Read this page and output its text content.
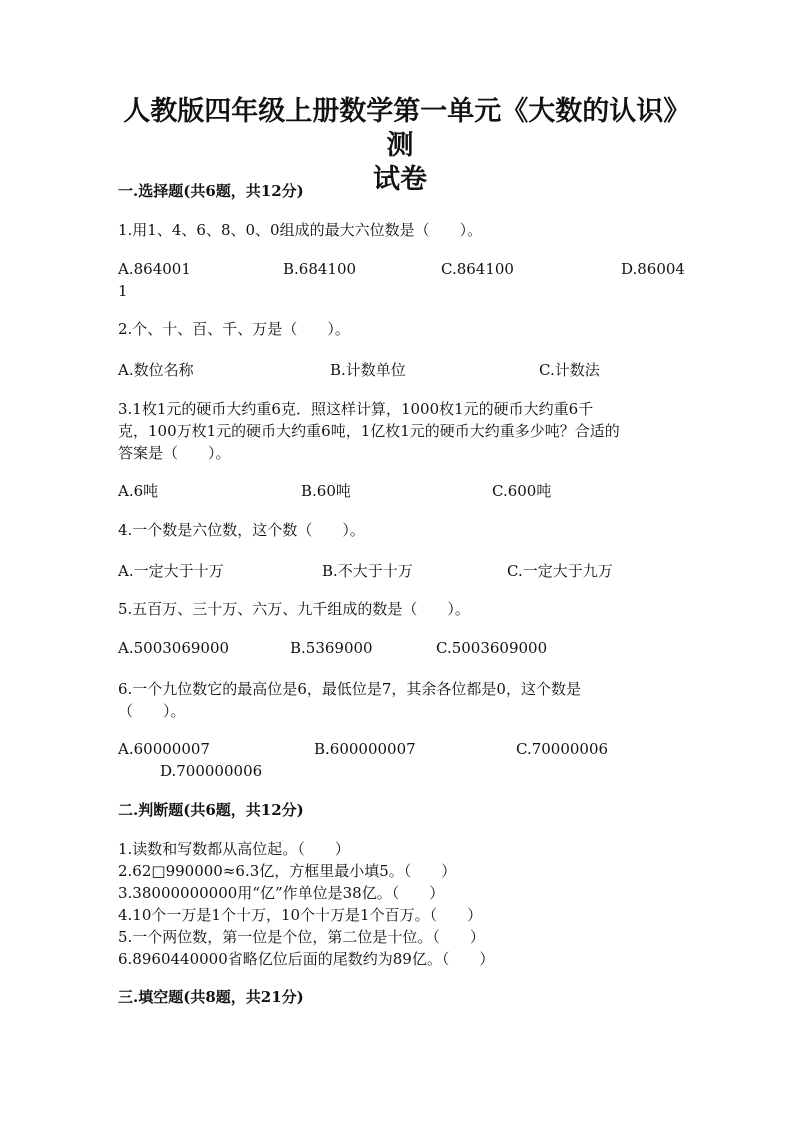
人教版四年级上册数学第一单元《大数的认识》测
试卷
一.选择题(共6题，共12分)
1.用1、4、6、8、0、0组成的最大六位数是（　　）。
A.864001	B.684100	C.864100	D.86004
1
2.个、十、百、千、万是（　　）。
A.数位名称	B.计数单位	C.计数法
3.1枚1元的硬币大约重6克．照这样计算，1000枚1元的硬币大约重6千
克，100万枚1元的硬币大约重6吨，1亿枚1元的硬币大约重多少吨？合适的
答案是（　　）。
A.6吨	B.60吨	C.600吨
4.一个数是六位数，这个数（　　）。
A.一定大于十万	B.不大于十万	C.一定大于九万
5.五百万、三十万、六万、九千组成的数是（　　）。
A.5003069000	B.5369000	C.5003609000
6.一个九位数它的最高位是6，最低位是7，其余各位都是0，这个数是
（　　）。
A.60000007	B.600000007	C.70000006
D.700000006
二.判断题(共6题，共12分)
1.读数和写数都从高位起。（　　）
2.62□990000≈6.3亿，方框里最小填5。（　　）
3.38000000000用“亿”作单位是38亿。（　　）
4.10个一万是1个十万，10个十万是1个百万。（　　）
5.一个两位数，第一位是个位，第二位是十位。（　　）
6.8960440000省略亿位后面的尾数约为89亿。（　　）
三.填空题(共8题，共21分)
